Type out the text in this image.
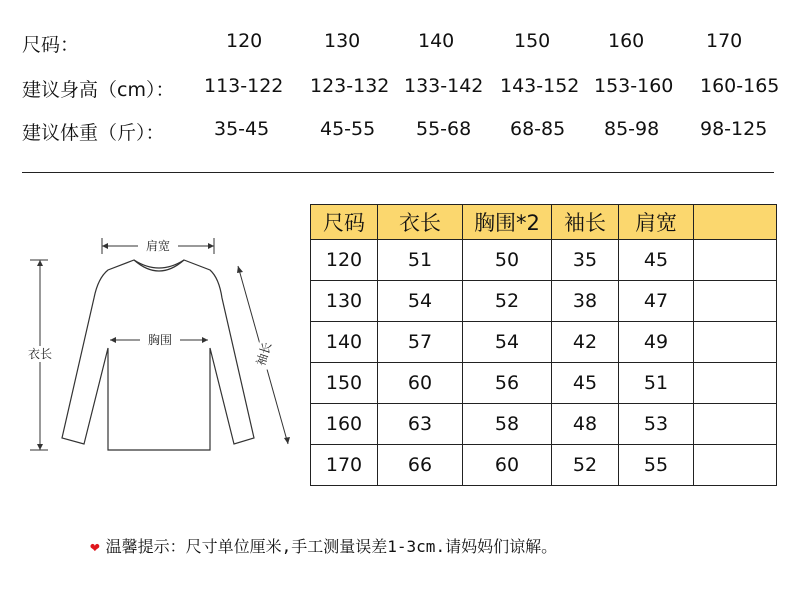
尺码：	120	130	140	150	160	170
建议身高（cm）： 113-122 123-132 133-142 143-152 153-160 160-165
建议体重（斤）：	35-45	45-55 55-68 68-85 85-98 98-125
肩宽
胸围
衣长	袖长
尺码	衣长	胸围*2	袖长	肩宽	
120	51	50	35	45	
130	54	52	38	47	
140	57	54	42	49	
150	60	56	45	51	
160	63	58	48	53	
170	66	60	52	55	
❤ 温馨提示：尺寸单位厘米,手工测量误差1-3cm.请妈妈们谅解。
